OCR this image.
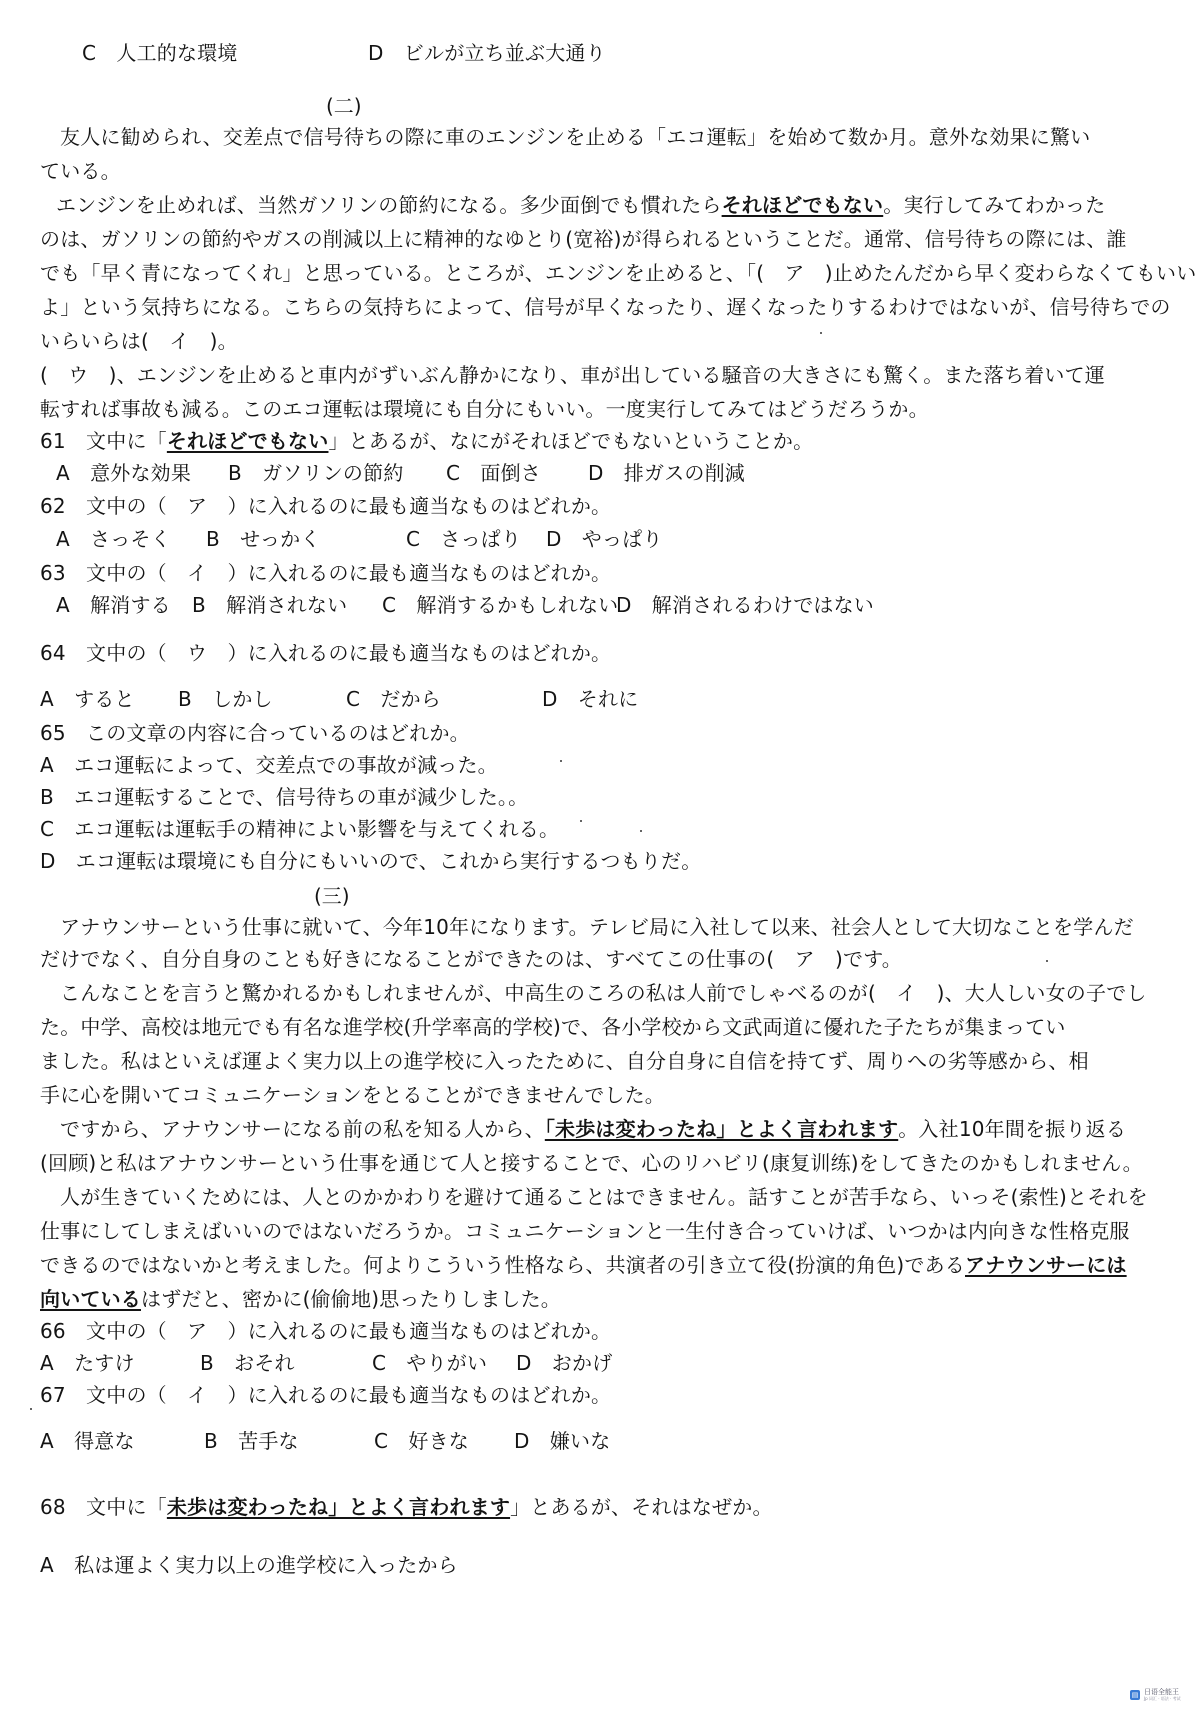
C　人工的な環境	D　ビルが立ち並ぶ大通り
(二)
友人に勧められ、交差点で信号待ちの際に車のエンジンを止める「エコ運転」を始めて数か月。意外な効果に驚い
ている。
エンジンを止めれば、当然ガソリンの節約になる。多少面倒でも慣れたらそれほどでもない。実行してみてわかった
のは、ガソリンの節約やガスの削減以上に精神的なゆとり(宽裕)が得られるということだ。通常、信号待ちの際には、誰
でも「早く青になってくれ」と思っている。ところが、エンジンを止めると、「(　ア　)止めたんだから早く変わらなくてもいい
よ」という気持ちになる。こちらの気持ちによって、信号が早くなったり、遅くなったりするわけではないが、信号待ちでの
いらいらは(　イ　)。
(　ウ　)、エンジンを止めると車内がずいぶん静かになり、車が出している騒音の大きさにも驚く。また落ち着いて運
転すれば事故も減る。このエコ運転は環境にも自分にもいい。一度実行してみてはどうだろうか。
61　文中に「それほどでもない」とあるが、なにがそれほどでもないということか。
A　意外な効果 B　ガソリンの節約 C　面倒さ D　排ガスの削減
62　文中の（　ア　）に入れるのに最も適当なものはどれか。
A　さっそく B　せっかく	C　さっぱり D　やっぱり
63　文中の（　イ　）に入れるのに最も適当なものはどれか。
A　解消する B　解消されない C　解消するかもしれない
D　解消されるわけではない
64　文中の（　ウ　）に入れるのに最も適当なものはどれか。
A　すると B　しかし	C　だから	D　それに
65　この文章の内容に合っているのはどれか。
A　エコ運転によって、交差点での事故が減った。
B　エコ運転することで、信号待ちの車が減少した。。
C　エコ運転は運転手の精神によい影響を与えてくれる。
D　エコ運転は環境にも自分にもいいので、これから実行するつもりだ。
(三)
アナウンサーという仕事に就いて、今年10年になります。テレビ局に入社して以来、社会人として大切なことを学んだ
だけでなく、自分自身のことも好きになることができたのは、すべてこの仕事の(　ア　)です。
こんなことを言うと驚かれるかもしれませんが、中高生のころの私は人前でしゃべるのが(　イ　)、大人しい女の子でし
た。中学、高校は地元でも有名な進学校(升学率高的学校)で、各小学校から文武両道に優れた子たちが集まってい
ました。私はといえば運よく実力以上の進学校に入ったために、自分自身に自信を持てず、周りへの劣等感から、相
手に心を開いてコミュニケーションをとることができませんでした。
ですから、アナウンサーになる前の私を知る人から、「未歩は変わったね」とよく言われます。入社10年間を振り返る
(回顾)と私はアナウンサーという仕事を通じて人と接することで、心のリハビリ(康复训练)をしてきたのかもしれません。
人が生きていくためには、人とのかかわりを避けて通ることはできません。話すことが苦手なら、いっそ(索性)とそれを
仕事にしてしまえばいいのではないだろうか。コミュニケーションと一生付き合っていけば、いつかは内向きな性格克服
できるのではないかと考えました。何よりこういう性格なら、共演者の引き立て役(扮演的角色)であるアナウンサーには
向いているはずだと、密かに(偷偷地)思ったりしました。
66　文中の（　ア　）に入れるのに最も適当なものはどれか。
A　たすけ	B　おそれ	C　やりがい D　おかげ
67　文中の（　イ　）に入れるのに最も適当なものはどれか。
A　得意な	B　苦手な	C　好きな D　嫌いな
68　文中に「未歩は変わったね」とよく言われます」とあるが、それはなぜか。
A　私は運よく実力以上の進学校に入ったから
▤ 日语全能王
Jp 词汇 · 语法 · 考试
